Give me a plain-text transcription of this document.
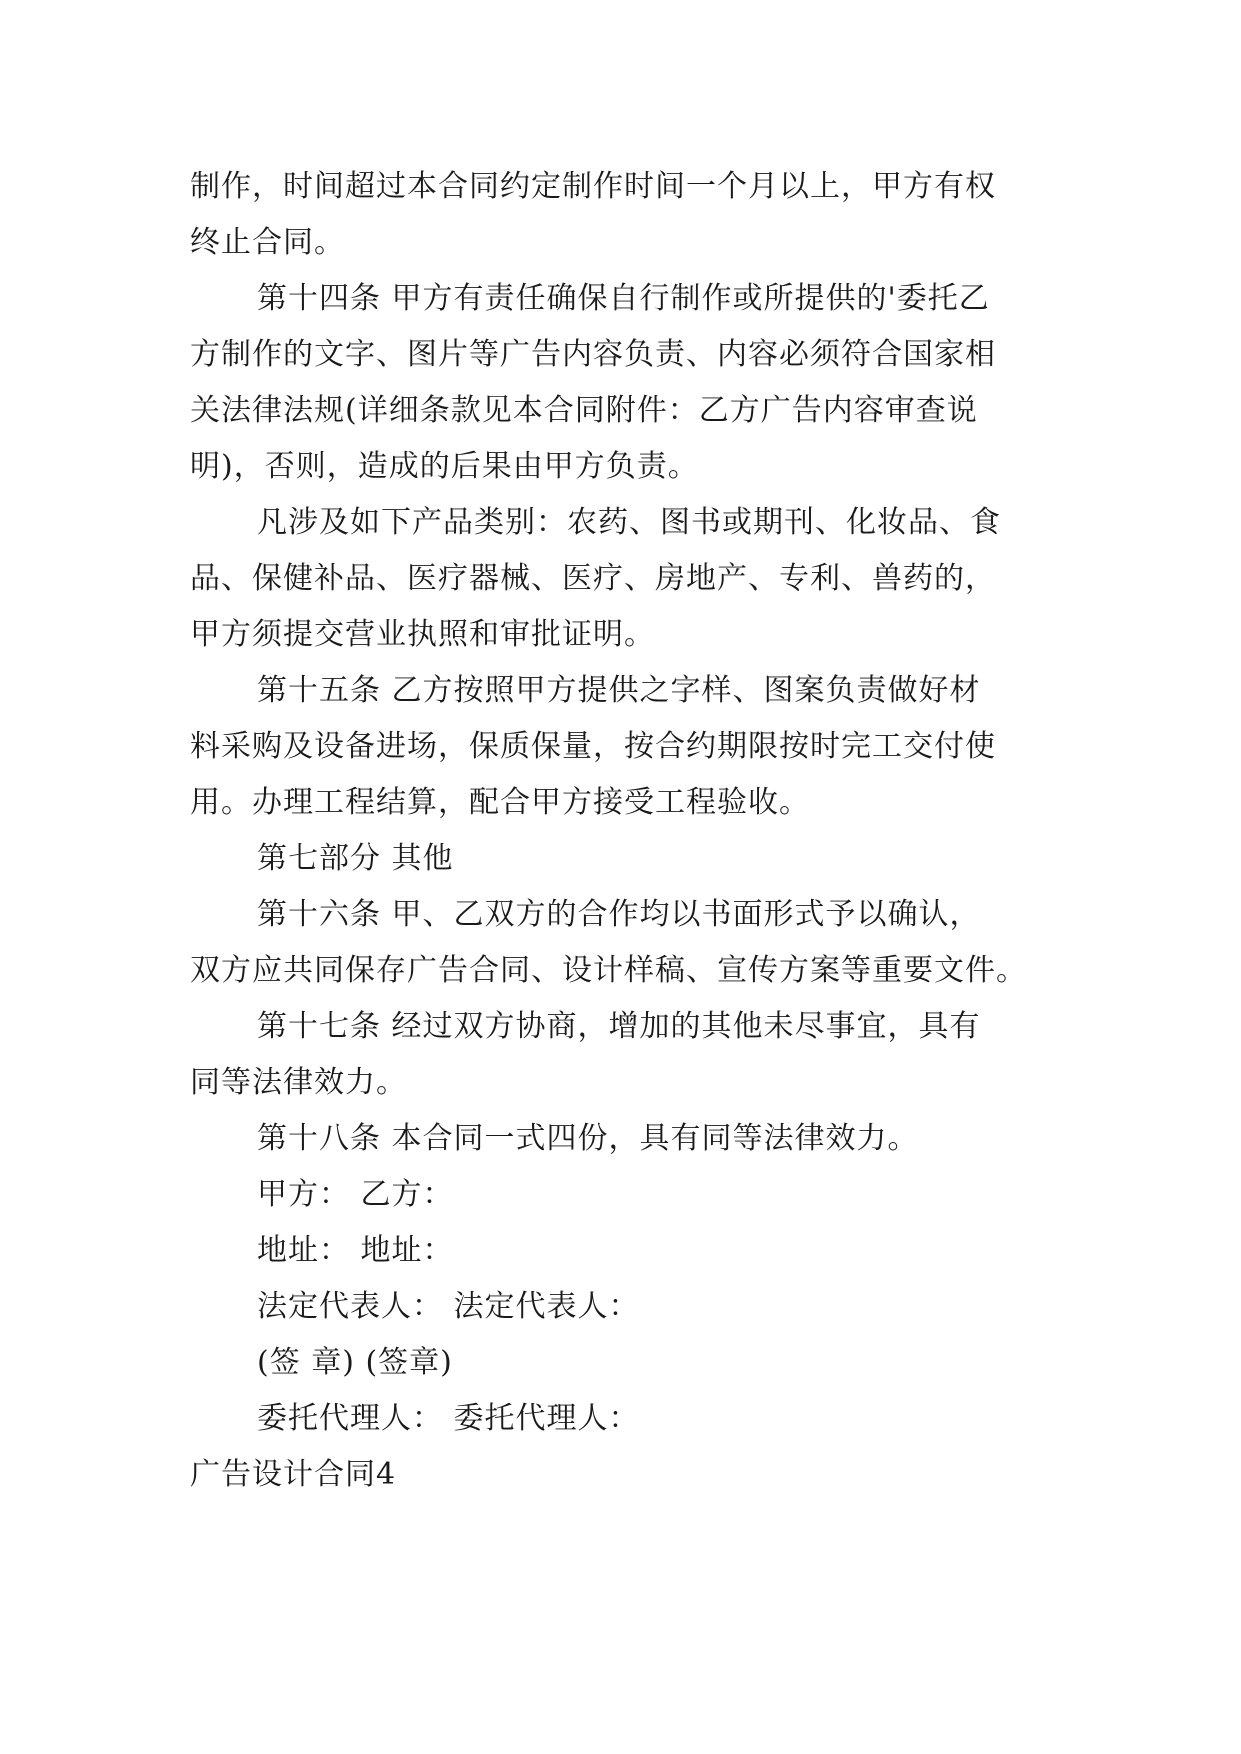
制作，时间超过本合同约定制作时间一个月以上，甲方有权
终止合同。
第十四条 甲方有责任确保自行制作或所提供的'委托乙
方制作的文字、图片等广告内容负责、内容必须符合国家相
关法律法规(详细条款见本合同附件：乙方广告内容审查说
明)，否则，造成的后果由甲方负责。
凡涉及如下产品类别：农药、图书或期刊、化妆品、食
品、保健补品、医疗器械、医疗、房地产、专利、兽药的，
甲方须提交营业执照和审批证明。
第十五条 乙方按照甲方提供之字样、图案负责做好材
料采购及设备进场，保质保量，按合约期限按时完工交付使
用。办理工程结算，配合甲方接受工程验收。
第七部分 其他
第十六条 甲、乙双方的合作均以书面形式予以确认，
双方应共同保存广告合同、设计样稿、宣传方案等重要文件。
第十七条 经过双方协商，增加的其他未尽事宜，具有
同等法律效力。
第十八条 本合同一式四份，具有同等法律效力。
甲方： 乙方：
地址： 地址：
法定代表人： 法定代表人：
(签 章) (签章)
委托代理人： 委托代理人：
广告设计合同4
